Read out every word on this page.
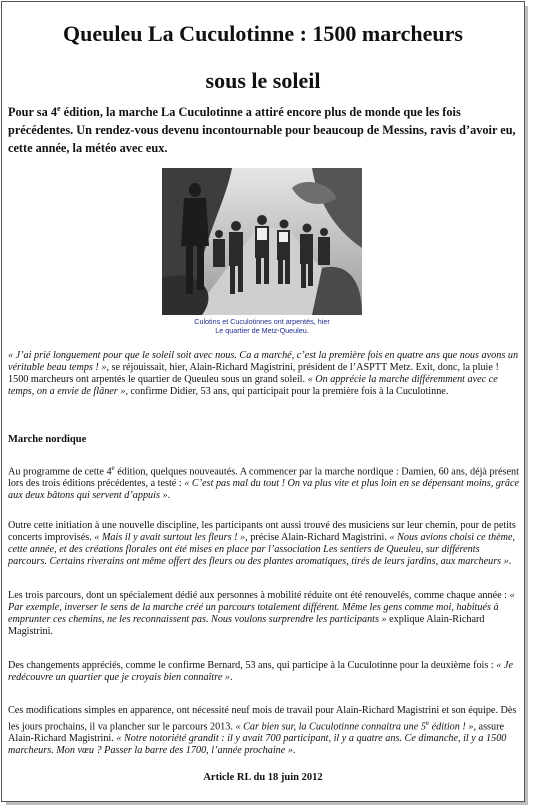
Queuleu La Cuculotinne : 1500 marcheurs
sous le soleil

Pour sa 4e édition, la marche La Cuculotinne a attiré encore plus de monde que les fois précédentes. Un rendez-vous devenu incontournable pour beaucoup de Messins, ravis d’avoir eu, cette année, la météo avec eux.

Culotins et Cuculotinnes ont arpentés, hier
Le quartier de Metz-Queuleu.

« J’ai prié longuement pour que le soleil soit avec nous. Ca a marché, c’est la première fois en quatre ans que nous avons un véritable beau temps ! », se réjouissait, hier, Alain-Richard Magistrini, président de l’ASPTT Metz. Exit, donc, la pluie ! 1500 marcheurs ont arpentés le quartier de Queuleu sous un grand soleil. « On apprécie la marche différemment avec ce temps, on a envie de flâner », confirme Didier, 53 ans, qui participait pour la première fois à la Cuculotinne.

Marche nordique

Au programme de cette 4e édition, quelques nouveautés. A commencer par la marche nordique : Damien, 60 ans, déjà présent lors des trois éditions précédentes, a testé : « C’est pas mal du tout ! On va plus vite et plus loin en se dépensant moins, grâce aux deux bâtons qui servent d’appuis ».

Outre cette initiation à une nouvelle discipline, les participants ont aussi trouvé des musiciens sur leur chemin, pour de petits concerts improvisés. « Mais il y avait surtout les fleurs ! », précise Alain-Richard Magistrini. « Nous avions choisi ce thème, cette année, et des créations florales ont été mises en place par l’association Les sentiers de Queuleu, sur différents parcours. Certains riverains ont même offert des fleurs ou des plantes aromatiques, tirés de leurs jardins, aux marcheurs ».

Les trois parcours, dont un spécialement dédié aux personnes à mobilité réduite ont été renouvelés, comme chaque année : « Par exemple, inverser le sens de la marche créé un parcours totalement différent. Même les gens comme moi, habitués à emprunter ces chemins, ne les reconnaissent pas. Nous voulons surprendre les participants » explique Alain-Richard Magistrini.

Des changements appréciés, comme le confirme Bernard, 53 ans, qui participe à la Cuculotinne pour la deuxième fois : « Je redécouvre un quartier que je croyais bien connaître ».

Ces modifications simples en apparence, ont nécessité neuf mois de travail pour Alain-Richard Magistrini et son équipe. Dès les jours prochains, il va plancher sur le parcours 2013. « Car bien sur, la Cuculotinne connaitra une 5e édition ! », assure Alain-Richard Magistrini. « Notre notoriété grandit : il y avait 700 participant, il y a quatre ans. Ce dimanche, il y a 1500 marcheurs. Mon vœu ? Passer la barre des 1700, l’année prochaine ».

Article RL du 18 juin 2012
